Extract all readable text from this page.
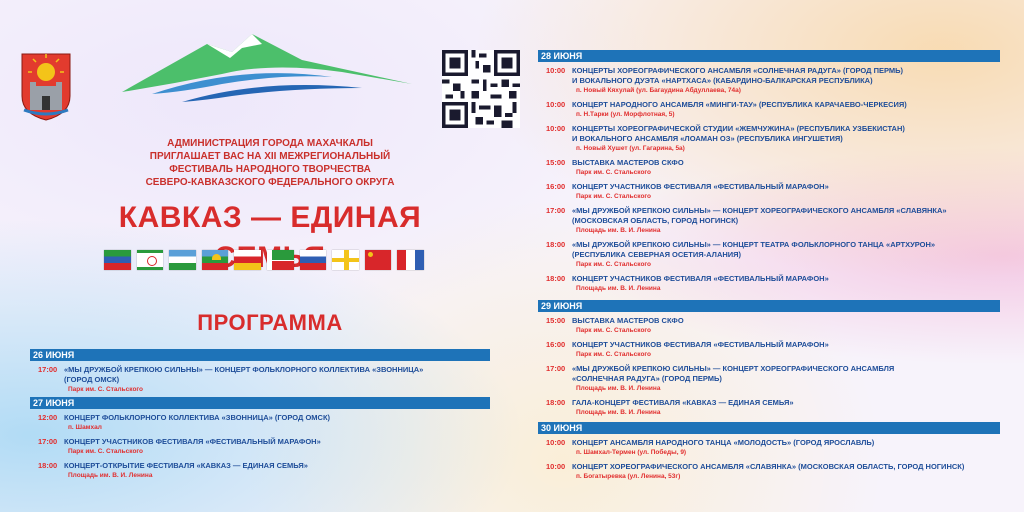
АДМИНИСТРАЦИЯ ГОРОДА МАХАЧКАЛЫ
ПРИГЛАШАЕТ ВАС НА XII МЕЖРЕГИОНАЛЬНЫЙ
ФЕСТИВАЛЬ НАРОДНОГО ТВОРЧЕСТВА
СЕВЕРО-КАВКАЗСКОГО ФЕДЕРАЛЬНОГО ОКРУГА
КАВКАЗ — ЕДИНАЯ
ПРОГРАММА
26 ИЮНЯ
17:00 «МЫ ДРУЖБОЙ КРЕПКОЮ СИЛЬНЫ» — КОНЦЕРТ ФОЛЬКЛОРНОГО КОЛЛЕКТИВА «ЗВОННИЦА»
(ГОРОД ОМСК)
Парк им. С. Стальского
27 ИЮНЯ
12:00 КОНЦЕРТ ФОЛЬКЛОРНОГО КОЛЛЕКТИВА «ЗВОННИЦА» (ГОРОД ОМСК)
п. Шамхал
17:00 КОНЦЕРТ УЧАСТНИКОВ ФЕСТИВАЛЯ «ФЕСТИВАЛЬНЫЙ МАРАФОН»
Парк им. С. Стальского
18:00 КОНЦЕРТ-ОТКРЫТИЕ ФЕСТИВАЛЯ «КАВКАЗ — ЕДИНАЯ СЕМЬЯ»
Площадь им. В. И. Ленина
28 ИЮНЯ
10:00 КОНЦЕРТЫ ХОРЕОГРАФИЧЕСКОГО АНСАМБЛЯ «СОЛНЕЧНАЯ РАДУГА» (ГОРОД ПЕРМЬ)
И ВОКАЛЬНОГО ДУЭТА «НАРТХАСА» (КАБАРДИНО-БАЛКАРСКАЯ РЕСПУБЛИКА)
п. Новый Кяхулай (ул. Багаудина Абдуллаева, 74а)
10:00 КОНЦЕРТ НАРОДНОГО АНСАМБЛЯ «МИНГИ-ТАУ» (РЕСПУБЛИКА КАРАЧАЕВО-ЧЕРКЕСИЯ)
п. Н.Тарки (ул. Морфлотная, 5)
10:00 КОНЦЕРТЫ ХОРЕОГРАФИЧЕСКОЙ СТУДИИ «ЖЕМЧУЖИНА» (РЕСПУБЛИКА УЗБЕКИСТАН)
И ВОКАЛЬНОГО АНСАМБЛЯ «ЛОАМАН ОЗ» (РЕСПУБЛИКА ИНГУШЕТИЯ)
п. Новый Хушет (ул. Гагарина, 5а)
15:00 ВЫСТАВКА МАСТЕРОВ СКФО
Парк им. С. Стальского
16:00 КОНЦЕРТ УЧАСТНИКОВ ФЕСТИВАЛЯ «ФЕСТИВАЛЬНЫЙ МАРАФОН»
Парк им. С. Стальского
17:00 «МЫ ДРУЖБОЙ КРЕПКОЮ СИЛЬНЫ» — КОНЦЕРТ ХОРЕОГРАФИЧЕСКОГО АНСАМБЛЯ «СЛАВЯНКА»
(МОСКОВСКАЯ ОБЛАСТЬ, ГОРОД НОГИНСК)
Площадь им. В. И. Ленина
18:00 «МЫ ДРУЖБОЙ КРЕПКОЮ СИЛЬНЫ» — КОНЦЕРТ ТЕАТРА ФОЛЬКЛОРНОГО ТАНЦА «АРТХУРОН»
(РЕСПУБЛИКА СЕВЕРНАЯ ОСЕТИЯ-АЛАНИЯ)
Парк им. С. Стальского
18:00 КОНЦЕРТ УЧАСТНИКОВ ФЕСТИВАЛЯ «ФЕСТИВАЛЬНЫЙ МАРАФОН»
Площадь им. В. И. Ленина
29 ИЮНЯ
15:00 ВЫСТАВКА МАСТЕРОВ СКФО
Парк им. С. Стальского
16:00 КОНЦЕРТ УЧАСТНИКОВ ФЕСТИВАЛЯ «ФЕСТИВАЛЬНЫЙ МАРАФОН»
Парк им. С. Стальского
17:00 «МЫ ДРУЖБОЙ КРЕПКОЮ СИЛЬНЫ» — КОНЦЕРТ ХОРЕОГРАФИЧЕСКОГО АНСАМБЛЯ
«СОЛНЕЧНАЯ РАДУГА» (ГОРОД ПЕРМЬ)
Площадь им. В. И. Ленина
18:00 ГАЛА-КОНЦЕРТ ФЕСТИВАЛЯ «КАВКАЗ — ЕДИНАЯ СЕМЬЯ»
Площадь им. В. И. Ленина
30 ИЮНЯ
10:00 КОНЦЕРТ АНСАМБЛЯ НАРОДНОГО ТАНЦА «МОЛОДОСТЬ» (ГОРОД ЯРОСЛАВЛЬ)
п. Шамхал-Термен (ул. Победы, 9)
10:00 КОНЦЕРТ ХОРЕОГРАФИЧЕСКОГО АНСАМБЛЯ «СЛАВЯНКА» (МОСКОВСКАЯ ОБЛАСТЬ, ГОРОД НОГИНСК)
п. Богатыревка (ул. Ленина, 53г)
